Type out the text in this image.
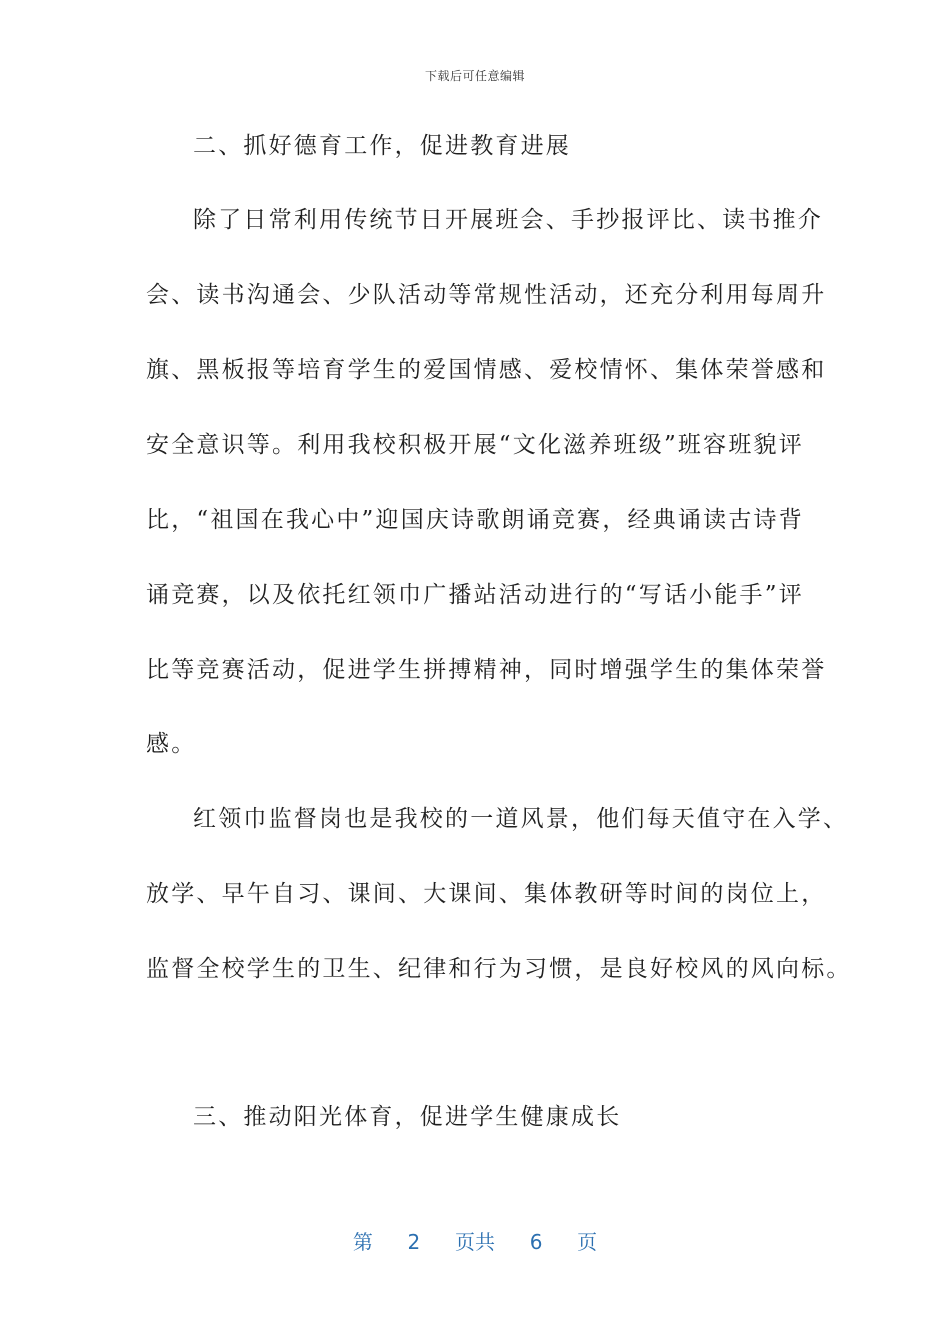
下载后可任意编辑
二、抓好德育工作，促进教育进展
除了日常利用传统节日开展班会、手抄报评比、读书推介
会、读书沟通会、少队活动等常规性活动，还充分利用每周升
旗、黑板报等培育学生的爱国情感、爱校情怀、集体荣誉感和
安全意识等。利用我校积极开展“文化滋养班级”班容班貌评
比，“祖国在我心中”迎国庆诗歌朗诵竞赛，经典诵读古诗背
诵竞赛，以及依托红领巾广播站活动进行的“写话小能手”评
比等竞赛活动，促进学生拼搏精神，同时增强学生的集体荣誉
感。
红领巾监督岗也是我校的一道风景，他们每天值守在入学、
放学、早午自习、课间、大课间、集体教研等时间的岗位上，
监督全校学生的卫生、纪律和行为习惯，是良好校风的风向标。
三、推动阳光体育，促进学生健康成长
第 2 页共 6 页
